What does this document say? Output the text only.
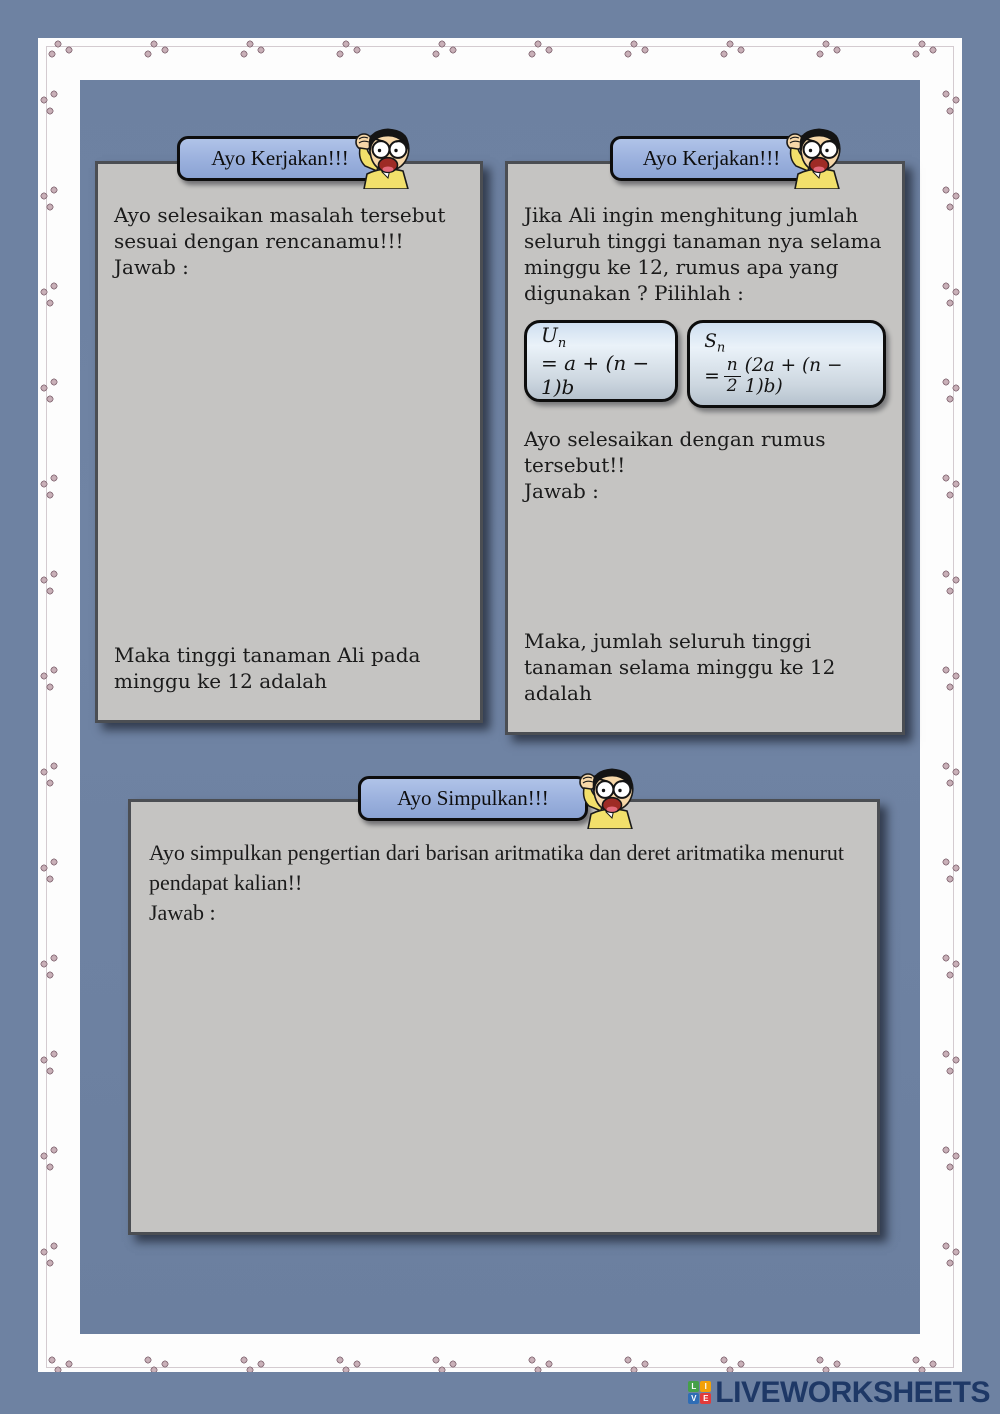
Ayo selesaikan masalah tersebut sesuai dengan rencanamu!!!
Jawab :
Maka tinggi tanaman Ali pada minggu ke 12 adalah
Jika Ali ingin menghitung jumlah seluruh tinggi tanaman nya selama minggu ke 12, rumus apa yang digunakan ? Pilihlah :
$U_n$
= a + (n − 1)b
$S_n$
= $\frac{n}{2} (2a + (n - 1)b)$
Ayo selesaikan dengan rumus tersebut!!
Jawab :
Maka, jumlah seluruh tinggi tanaman selama minggu ke 12 adalah
Ayo simpulkan pengertian dari barisan aritmatika dan deret aritmatika menurut pendapat kalian!!
Jawab :
Ayo Kerjakan!!!	Ayo Kerjakan!!!
Ayo Simpulkan!!!
L	I
V E LIVEWORKSHEETS
